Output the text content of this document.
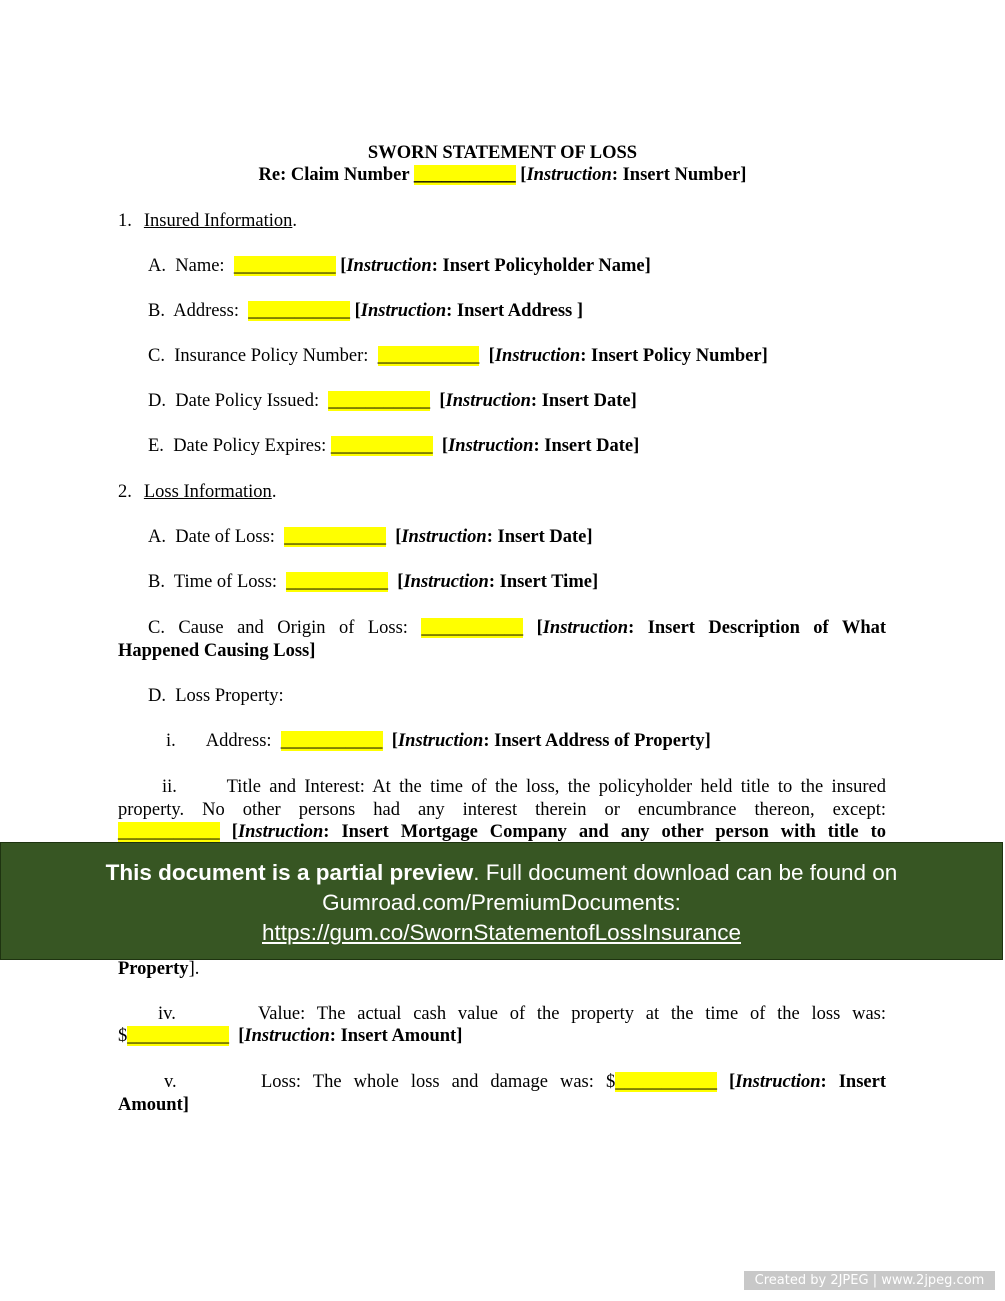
SWORN STATEMENT OF LOSS
Re: Claim Number ___________ [Instruction: Insert Number]
1. Insured Information.
A. Name: ___________ [Instruction: Insert Policyholder Name]
B. Address: ___________ [Instruction: Insert Address ]
C. Insurance Policy Number: ___________ [Instruction: Insert Policy Number]
D. Date Policy Issued: ___________ [Instruction: Insert Date]
E. Date Policy Expires: ___________ [Instruction: Insert Date]
2. Loss Information.
A. Date of Loss: ___________ [Instruction: Insert Date]
B. Time of Loss: ___________ [Instruction: Insert Time]
C. Cause and Origin of Loss: ___________ [Instruction: Insert Description of What
Happened Causing Loss]
D. Loss Property:
i. Address: ___________ [Instruction: Insert Address of Property]
ii.	Title and Interest: At the time of the loss, the policyholder held title to the insured
property. No other persons had any interest therein or encumbrance thereon, except:
___________ [Instruction: Insert Mortgage Company and any other person with title to
This document is a partial preview. Full document download can be found on
Gumroad.com/PremiumDocuments:
https://gum.co/SwornStatementofLossInsurance
Property].
iv.	Value: The actual cash value of the property at the time of the loss was:
$___________ [Instruction: Insert Amount]
v.	Loss: The whole loss and damage was: $___________ [Instruction: Insert
Amount]
Created by 2JPEG | www.2jpeg.com
